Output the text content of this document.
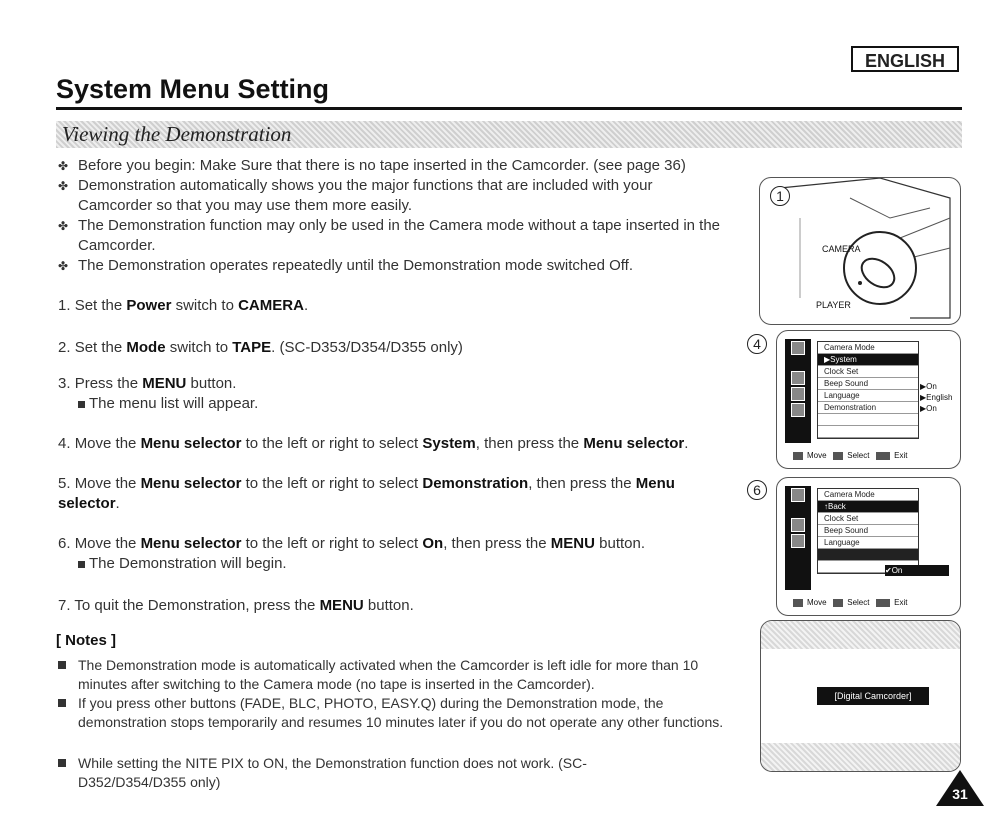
ENGLISH
System Menu Setting
Viewing the Demonstration
✤ Before you begin: Make Sure that there is no tape inserted in the Camcorder. (see page 36)
✤ Demonstration automatically shows you the major functions that are included with your Camcorder so that you may use them more easily.
✤ The Demonstration function may only be used in the Camera mode without a tape inserted in the Camcorder.
✤ The Demonstration operates repeatedly until the Demonstration mode switched Off.
1. Set the Power switch to CAMERA.
2. Set the Mode switch to TAPE. (SC-D353/D354/D355 only)
3. Press the MENU button.
The menu list will appear.
4. Move the Menu selector to the left or right to select System, then press the Menu selector.
5. Move the Menu selector to the left or right to select Demonstration, then press the Menu selector.
6. Move the Menu selector to the left or right to select On, then press the MENU button.
The Demonstration will begin.
7. To quit the Demonstration, press the MENU button.
[ Notes ]
The Demonstration mode is automatically activated when the Camcorder is left idle for more than 10 minutes after switching to the Camera mode (no tape is inserted in the Camcorder).
If you press other buttons (FADE, BLC, PHOTO, EASY.Q) during the Demonstration mode, the demonstration stops temporarily and resumes 10 minutes later if you do not operate any other functions.
While setting the NITE PIX to ON, the Demonstration function does not work. (SC-D352/D354/D355 only)
1
CAMERA
PLAYER
4	Camera Mode
▶System
Clock Set
Beep Sound
Language
Demonstration
▶On
▶English
▶On
Move	Select	Exit
6	Camera Mode
↑Back
Clock Set
Beep Sound
Language
✔On
Move	Select	Exit
[Digital Camcorder]
31
